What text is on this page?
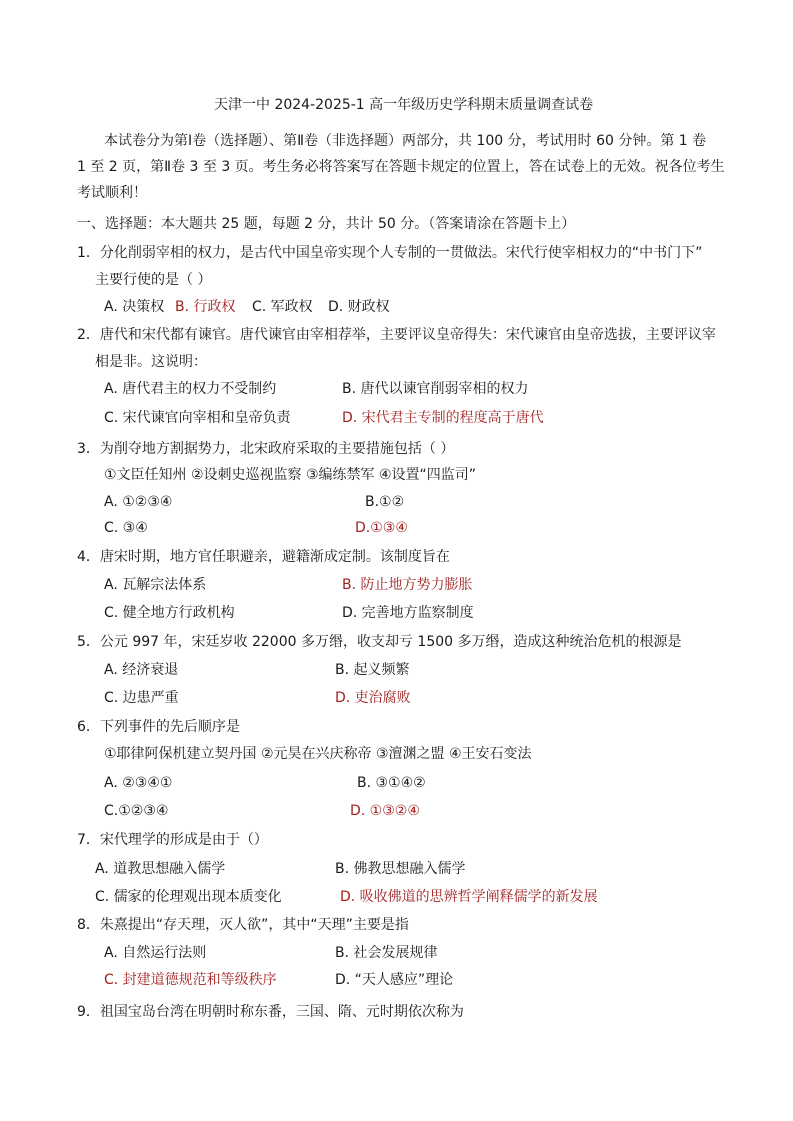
天津一中 2024-2025-1 高一年级历史学科期末质量调查试卷
本试卷分为第Ⅰ卷（选择题）、第Ⅱ卷（非选择题）两部分，共 100 分，考试用时 60 分钟。第 1 卷
1 至 2 页，第Ⅱ卷 3 至 3 页。考生务必将答案写在答题卡规定的位置上，答在试卷上的无效。祝各位考生
考试顺利！
一、选择题：本大题共 25 题，每题 2 分，共计 50 分。（答案请涂在答题卡上）
1．分化削弱宰相的权力，是古代中国皇帝实现个人专制的一贯做法。宋代行使宰相权力的“中书门下”
主要行使的是（ ）
A. 决策权 B. 行政权 C. 军政权 D. 财政权
2．唐代和宋代都有谏官。唐代谏官由宰相荐举，主要评议皇帝得失：宋代谏官由皇帝选拔，主要评议宰
相是非。这说明：
A. 唐代君主的权力不受制约	B. 唐代以谏官削弱宰相的权力
C. 宋代谏官向宰相和皇帝负责	D. 宋代君主专制的程度高于唐代
3．为削夺地方割据势力，北宋政府采取的主要措施包括（ ）
①文臣任知州 ②设刺史巡视监察 ③编练禁军 ④设置“四监司”
A. ①②③④	B.①②
C. ③④	D.①③④
4．唐宋时期，地方官任职避亲，避籍渐成定制。该制度旨在
A. 瓦解宗法体系	B. 防止地方势力膨胀
C. 健全地方行政机构	D. 完善地方监察制度
5．公元 997 年，宋廷岁收 22000 多万缗，收支却亏 1500 多万缗，造成这种统治危机的根源是
A. 经济衰退	B. 起义频繁
C. 边患严重	D. 吏治腐败
6．下列事件的先后顺序是
①耶律阿保机建立契丹国 ②元昊在兴庆称帝 ③澶渊之盟 ④王安石变法
A. ②③④①	B. ③①④②
C.①②③④	D. ①③②④
7．宋代理学的形成是由于（）
A. 道教思想融入儒学	B. 佛教思想融入儒学
C. 儒家的伦理观出现本质变化	D. 吸收佛道的思辨哲学阐释儒学的新发展
8．朱熹提出“存天理，灭人欲”，其中“天理”主要是指
A. 自然运行法则	B. 社会发展规律
C. 封建道德规范和等级秩序	D. “天人感应”理论
9．祖国宝岛台湾在明朝时称东番，三国、隋、元时期依次称为
